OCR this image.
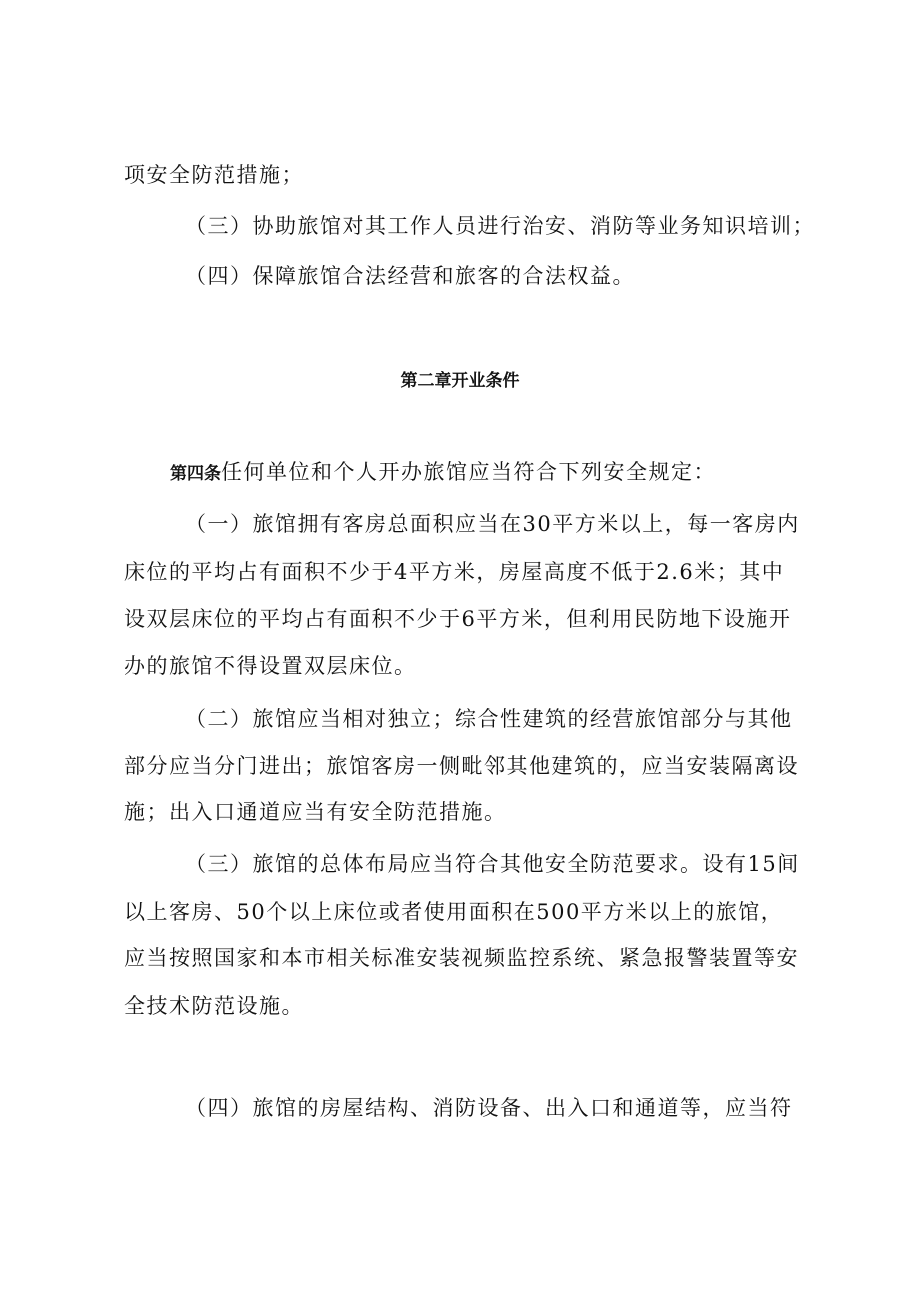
项安全防范措施；
（三）协助旅馆对其工作人员进行治安、消防等业务知识培训；
（四）保障旅馆合法经营和旅客的合法权益。
第二章开业条件
第四条任何单位和个人开办旅馆应当符合下列安全规定：
（一）旅馆拥有客房总面积应当在30平方米以上，每一客房内
床位的平均占有面积不少于4平方米，房屋高度不低于2.6米；其中
设双层床位的平均占有面积不少于6平方米，但利用民防地下设施开
办的旅馆不得设置双层床位。
（二）旅馆应当相对独立；综合性建筑的经营旅馆部分与其他
部分应当分门进出；旅馆客房一侧毗邻其他建筑的，应当安装隔离设
施；出入口通道应当有安全防范措施。
（三）旅馆的总体布局应当符合其他安全防范要求。设有15间
以上客房、50个以上床位或者使用面积在500平方米以上的旅馆，
应当按照国家和本市相关标准安装视频监控系统、紧急报警装置等安
全技术防范设施。
（四）旅馆的房屋结构、消防设备、出入口和通道等，应当符
